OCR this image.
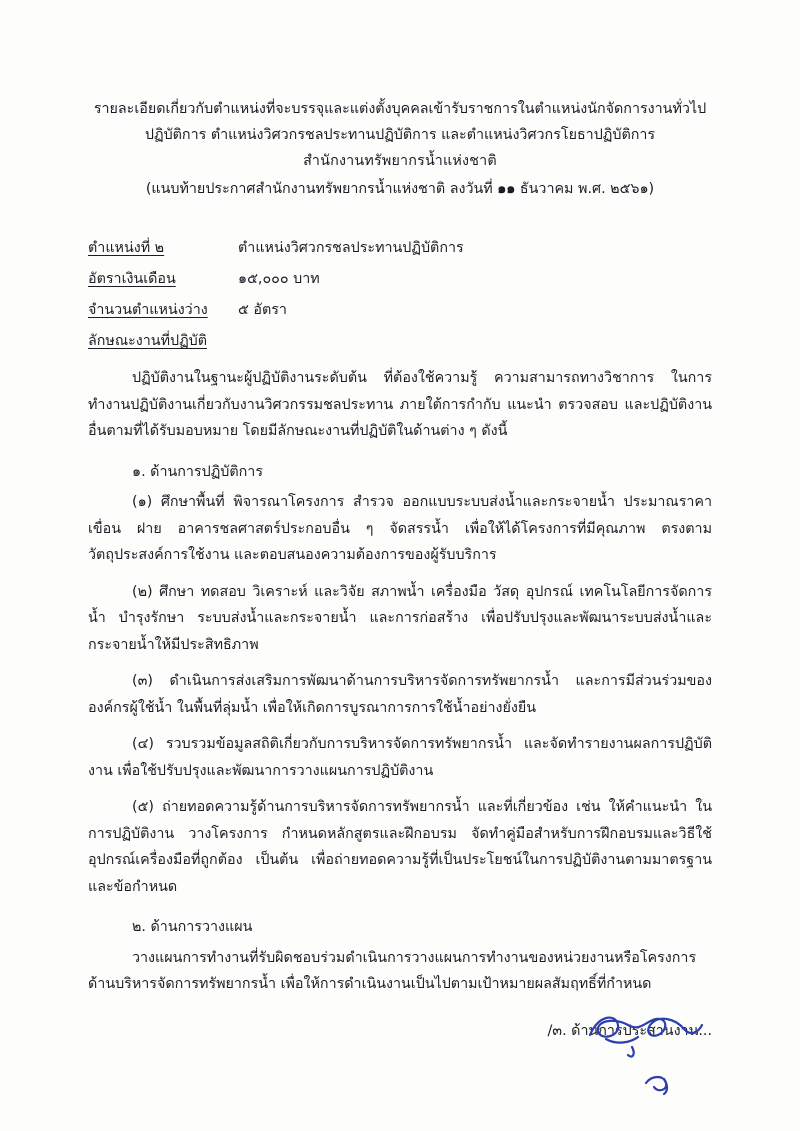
รายละเอียดเกี่ยวกับตำแหน่งที่จะบรรจุและแต่งตั้งบุคคลเข้ารับราชการในตำแหน่งนักจัดการงานทั่วไป
ปฏิบัติการ ตำแหน่งวิศวกรชลประทานปฏิบัติการ และตำแหน่งวิศวกรโยธาปฏิบัติการ
สำนักงานทรัพยากรน้ำแห่งชาติ
(แนบท้ายประกาศสำนักงานทรัพยากรน้ำแห่งชาติ ลงวันที่ ๑๑ ธันวาคม พ.ศ. ๒๕๖๑)
ตำแหน่งที่ ๒	ตำแหน่งวิศวกรชลประทานปฏิบัติการ
อัตราเงินเดือน	๑๕,๐๐๐ บาท
จำนวนตำแหน่งว่าง	๕ อัตรา
ลักษณะงานที่ปฏิบัติ
ปฏิบัติงานในฐานะผู้ปฏิบัติงานระดับต้น ที่ต้องใช้ความรู้ ความสามารถทางวิชาการ ในการทำงานปฏิบัติงานเกี่ยวกับงานวิศวกรรมชลประทาน ภายใต้การกำกับ แนะนำ ตรวจสอบ และปฏิบัติงานอื่นตามที่ได้รับมอบหมาย โดยมีลักษณะงานที่ปฏิบัติในด้านต่าง ๆ ดังนี้
๑. ด้านการปฏิบัติการ
(๑) ศึกษาพื้นที่ พิจารณาโครงการ สำรวจ ออกแบบระบบส่งน้ำและกระจายน้ำ ประมาณราคาเขื่อน ฝาย อาคารชลศาสตร์ประกอบอื่น ๆ จัดสรรน้ำ เพื่อให้ได้โครงการที่มีคุณภาพ ตรงตามวัตถุประสงค์การใช้งาน และตอบสนองความต้องการของผู้รับบริการ
(๒) ศึกษา ทดสอบ วิเคราะห์ และวิจัย สภาพน้ำ เครื่องมือ วัสดุ อุปกรณ์ เทคโนโลยีการจัดการน้ำ บำรุงรักษา ระบบส่งน้ำและกระจายน้ำ และการก่อสร้าง เพื่อปรับปรุงและพัฒนาระบบส่งน้ำและกระจายน้ำให้มีประสิทธิภาพ
(๓) ดำเนินการส่งเสริมการพัฒนาด้านการบริหารจัดการทรัพยากรน้ำ และการมีส่วนร่วมขององค์กรผู้ใช้น้ำ ในพื้นที่ลุ่มน้ำ เพื่อให้เกิดการบูรณาการการใช้น้ำอย่างยั่งยืน
(๔) รวบรวมข้อมูลสถิติเกี่ยวกับการบริหารจัดการทรัพยากรน้ำ และจัดทำรายงานผลการปฏิบัติงาน เพื่อใช้ปรับปรุงและพัฒนาการวางแผนการปฏิบัติงาน
(๕) ถ่ายทอดความรู้ด้านการบริหารจัดการทรัพยากรน้ำ และที่เกี่ยวข้อง เช่น ให้คำแนะนำ ในการปฏิบัติงาน วางโครงการ กำหนดหลักสูตรและฝึกอบรม จัดทำคู่มือสำหรับการฝึกอบรมและวิธีใช้อุปกรณ์เครื่องมือที่ถูกต้อง เป็นต้น เพื่อถ่ายทอดความรู้ที่เป็นประโยชน์ในการปฏิบัติงานตามมาตรฐานและข้อกำหนด
๒. ด้านการวางแผน
วางแผนการทำงานที่รับผิดชอบร่วมดำเนินการวางแผนการทำงานของหน่วยงานหรือโครงการด้านบริหารจัดการทรัพยากรน้ำ เพื่อให้การดำเนินงานเป็นไปตามเป้าหมายผลสัมฤทธิ์ที่กำหนด
/๓. ด้านการประสานงาน...
